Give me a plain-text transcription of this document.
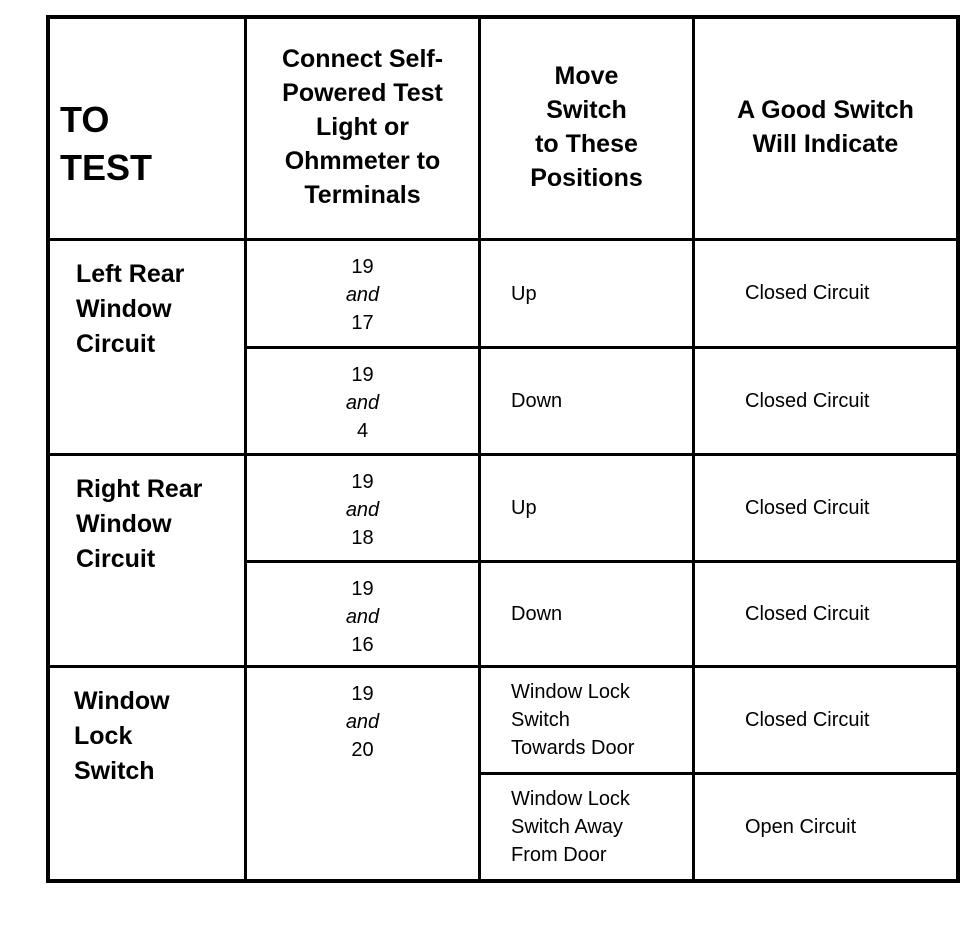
TO
TEST
Connect Self-
Powered Test
Light or
Ohmmeter to
Terminals
Move
Switch
to These
Positions
A Good Switch
Will Indicate
Left Rear
Window
Circuit
Right Rear
Window
Circuit
Window
Lock
Switch
19
and
17
19
and
4
19
and
18
19
and
16
19
and
20
Up
Down
Up
Down
Window Lock
Switch
Towards Door
Window Lock
Switch Away
From Door
Closed Circuit
Closed Circuit
Closed Circuit
Closed Circuit
Closed Circuit
Open Circuit
